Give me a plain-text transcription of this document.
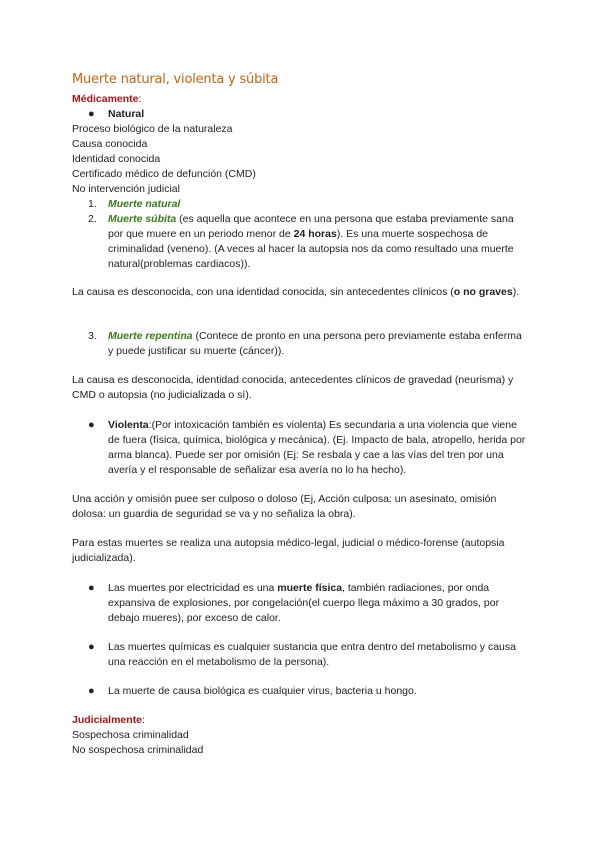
Muerte natural, violenta y súbita
Médicamente:
● Natural
Proceso biológico de la naturaleza
Causa conocida
Identidad conocida
Certificado médico de defunción (CMD)
No intervención judicial
1. Muerte natural
2. Muerte súbita (es aquella que acontece en una persona que estaba previamente sana por que muere en un periodo menor de 24 horas). Es una muerte sospechosa de criminalidad (veneno). (A veces al hacer la autopsia nos da como resultado una muerte natural(problemas cardiacos)).
La causa es desconocida, con una identidad conocida, sin antecedentes clínicos (o no graves).
3. Muerte repentina (Contece de pronto en una persona pero previamente estaba enferma y puede justificar su muerte (cáncer)).
La causa es desconocida, identidad conocida, antecedentes clínicos de gravedad (neurisma) y CMD o autopsia (no judicializada o sí).
● Violenta:(Por intoxicación también es violenta) Es secundaria a una violencia que viene de fuera (física, química, biológica y mecánica). (Ej. Impacto de bala, atropello, herida por arma blanca). Puede ser por omisión (Ej: Se resbala y cae a las vías del tren por una avería y el responsable de señalizar esa avería no lo ha hecho).
Una acción y omisión puee ser culposo o doloso (Ej, Acción culposa: un asesinato, omisión dolosa: un guardia de seguridad se va y no señaliza la obra).
Para estas muertes se realiza una autopsia médico-legal, judicial o médico-forense (autopsia judicializada).
● Las muertes por electricidad es una muerte física, también radiaciones, por onda expansiva de explosiones, por congelación(el cuerpo llega máximo a 30 grados, por debajo mueres), por exceso de calor.
● Las muertes químicas es cualquier sustancia que entra dentro del metabolismo y causa una reacción en el metabolismo de la persona).
● La muerte de causa biológica es cualquier virus, bacteria u hongo.
Judicialmente:
Sospechosa criminalidad
No sospechosa criminalidad
